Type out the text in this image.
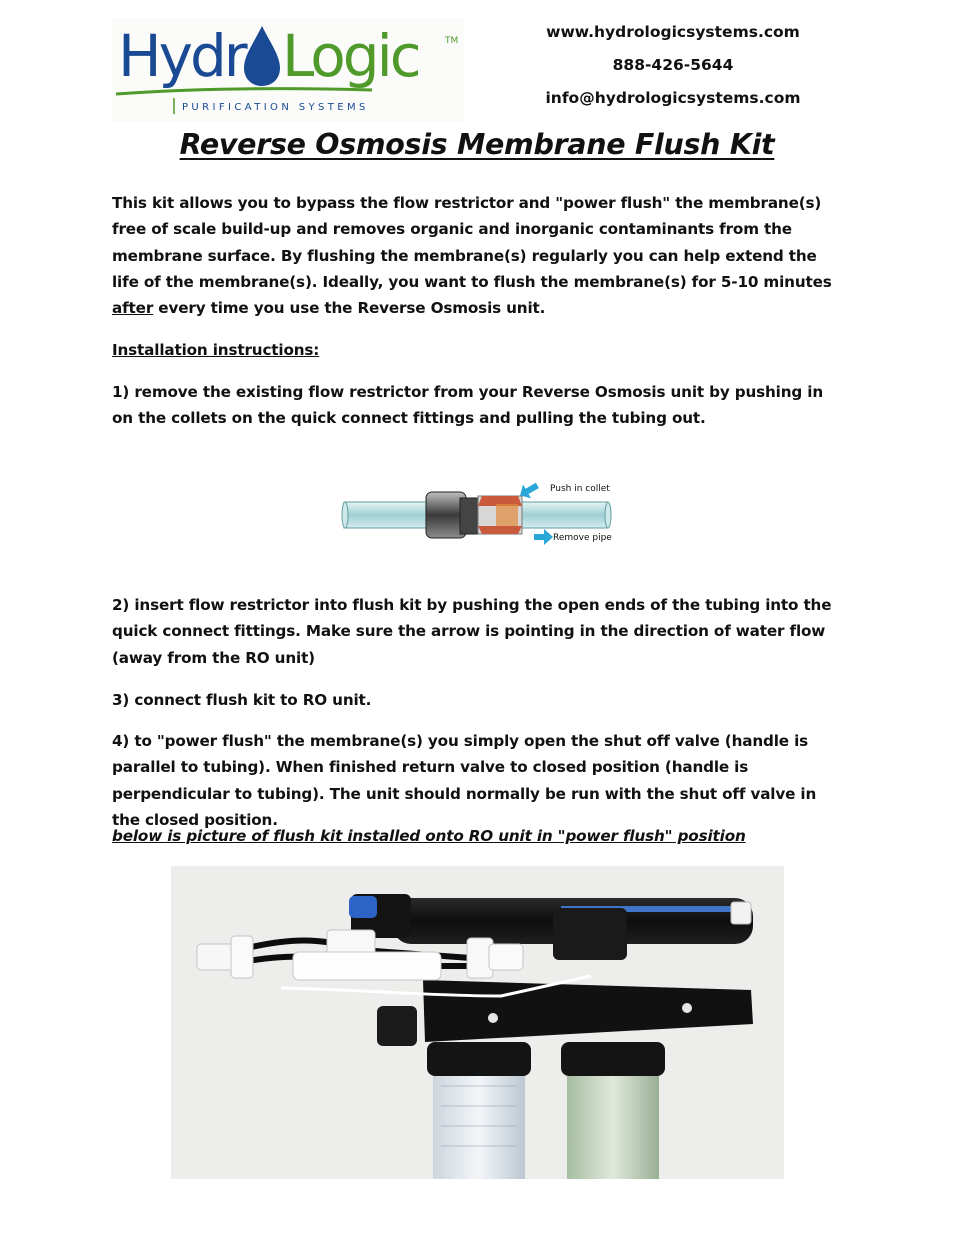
Hydr Logic	TM
PURIFICATION SYSTEMS
www.hydrologicsystems.com
888-426-5644
info@hydrologicsystems.com
Reverse Osmosis Membrane Flush Kit
This kit allows you to bypass the flow restrictor and "power flush" the membrane(s) free of scale build-up and removes organic and inorganic contaminants from the membrane surface. By flushing the membrane(s) regularly you can help extend the life of the membrane(s). Ideally, you want to flush the membrane(s) for 5-10 minutes after every time you use the Reverse Osmosis unit.
Installation instructions:
1) remove the existing flow restrictor from your Reverse Osmosis unit by pushing in on the collets on the quick connect fittings and pulling the tubing out.
Push in collet
Remove pipe
2) insert flow restrictor into flush kit by pushing the open ends of the tubing into the quick connect fittings. Make sure the arrow is pointing in the direction of water flow (away from the RO unit)
3) connect flush kit to RO unit.
4) to "power flush" the membrane(s) you simply open the shut off valve (handle is parallel to tubing). When finished return valve to closed position (handle is perpendicular to tubing). The unit should normally be run with the shut off valve in the closed position.
below is picture of flush kit installed onto RO unit in "power flush" position
